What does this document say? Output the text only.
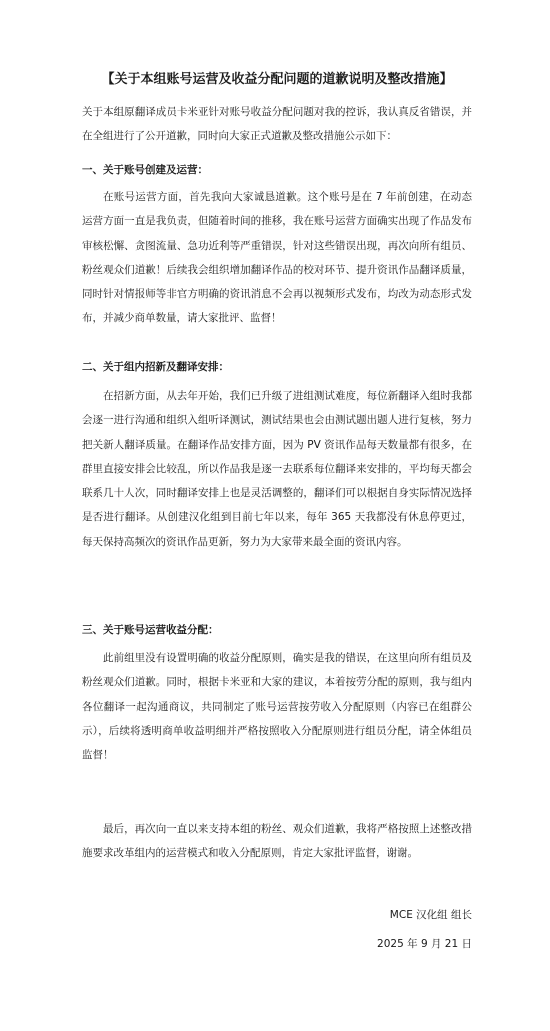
【关于本组账号运营及收益分配问题的道歉说明及整改措施】

关于本组原翻译成员卡米亚针对账号收益分配问题对我的控诉，我认真反省错误，并在全组进行了公开道歉，同时向大家正式道歉及整改措施公示如下：

一、关于账号创建及运营：

在账号运营方面，首先我向大家诚恳道歉。这个账号是在 7 年前创建，在动态运营方面一直是我负责，但随着时间的推移，我在账号运营方面确实出现了作品发布审核松懈、贪图流量、急功近利等严重错误，针对这些错误出现，再次向所有组员、粉丝观众们道歉！后续我会组织增加翻译作品的校对环节、提升资讯作品翻译质量，同时针对情报师等非官方明确的资讯消息不会再以视频形式发布，均改为动态形式发布，并减少商单数量，请大家批评、监督！

二、关于组内招新及翻译安排：

在招新方面，从去年开始，我们已升级了进组测试难度，每位新翻译入组时我都会逐一进行沟通和组织入组听译测试，测试结果也会由测试题出题人进行复核，努力把关新人翻译质量。在翻译作品安排方面，因为 PV 资讯作品每天数量都有很多，在群里直接安排会比较乱，所以作品我是逐一去联系每位翻译来安排的，平均每天都会联系几十人次，同时翻译安排上也是灵活调整的，翻译们可以根据自身实际情况选择是否进行翻译。从创建汉化组到目前七年以来，每年 365 天我都没有休息停更过，每天保持高频次的资讯作品更新，努力为大家带来最全面的资讯内容。

三、关于账号运营收益分配：

此前组里没有设置明确的收益分配原则，确实是我的错误，在这里向所有组员及粉丝观众们道歉。同时，根据卡米亚和大家的建议，本着按劳分配的原则，我与组内各位翻译一起沟通商议，共同制定了账号运营按劳收入分配原则（内容已在组群公示），后续将透明商单收益明细并严格按照收入分配原则进行组员分配，请全体组员监督！

最后，再次向一直以来支持本组的粉丝、观众们道歉，我将严格按照上述整改措施要求改革组内的运营模式和收入分配原则，肯定大家批评监督，谢谢。

MCE 汉化组 组长
2025 年 9 月 21 日
